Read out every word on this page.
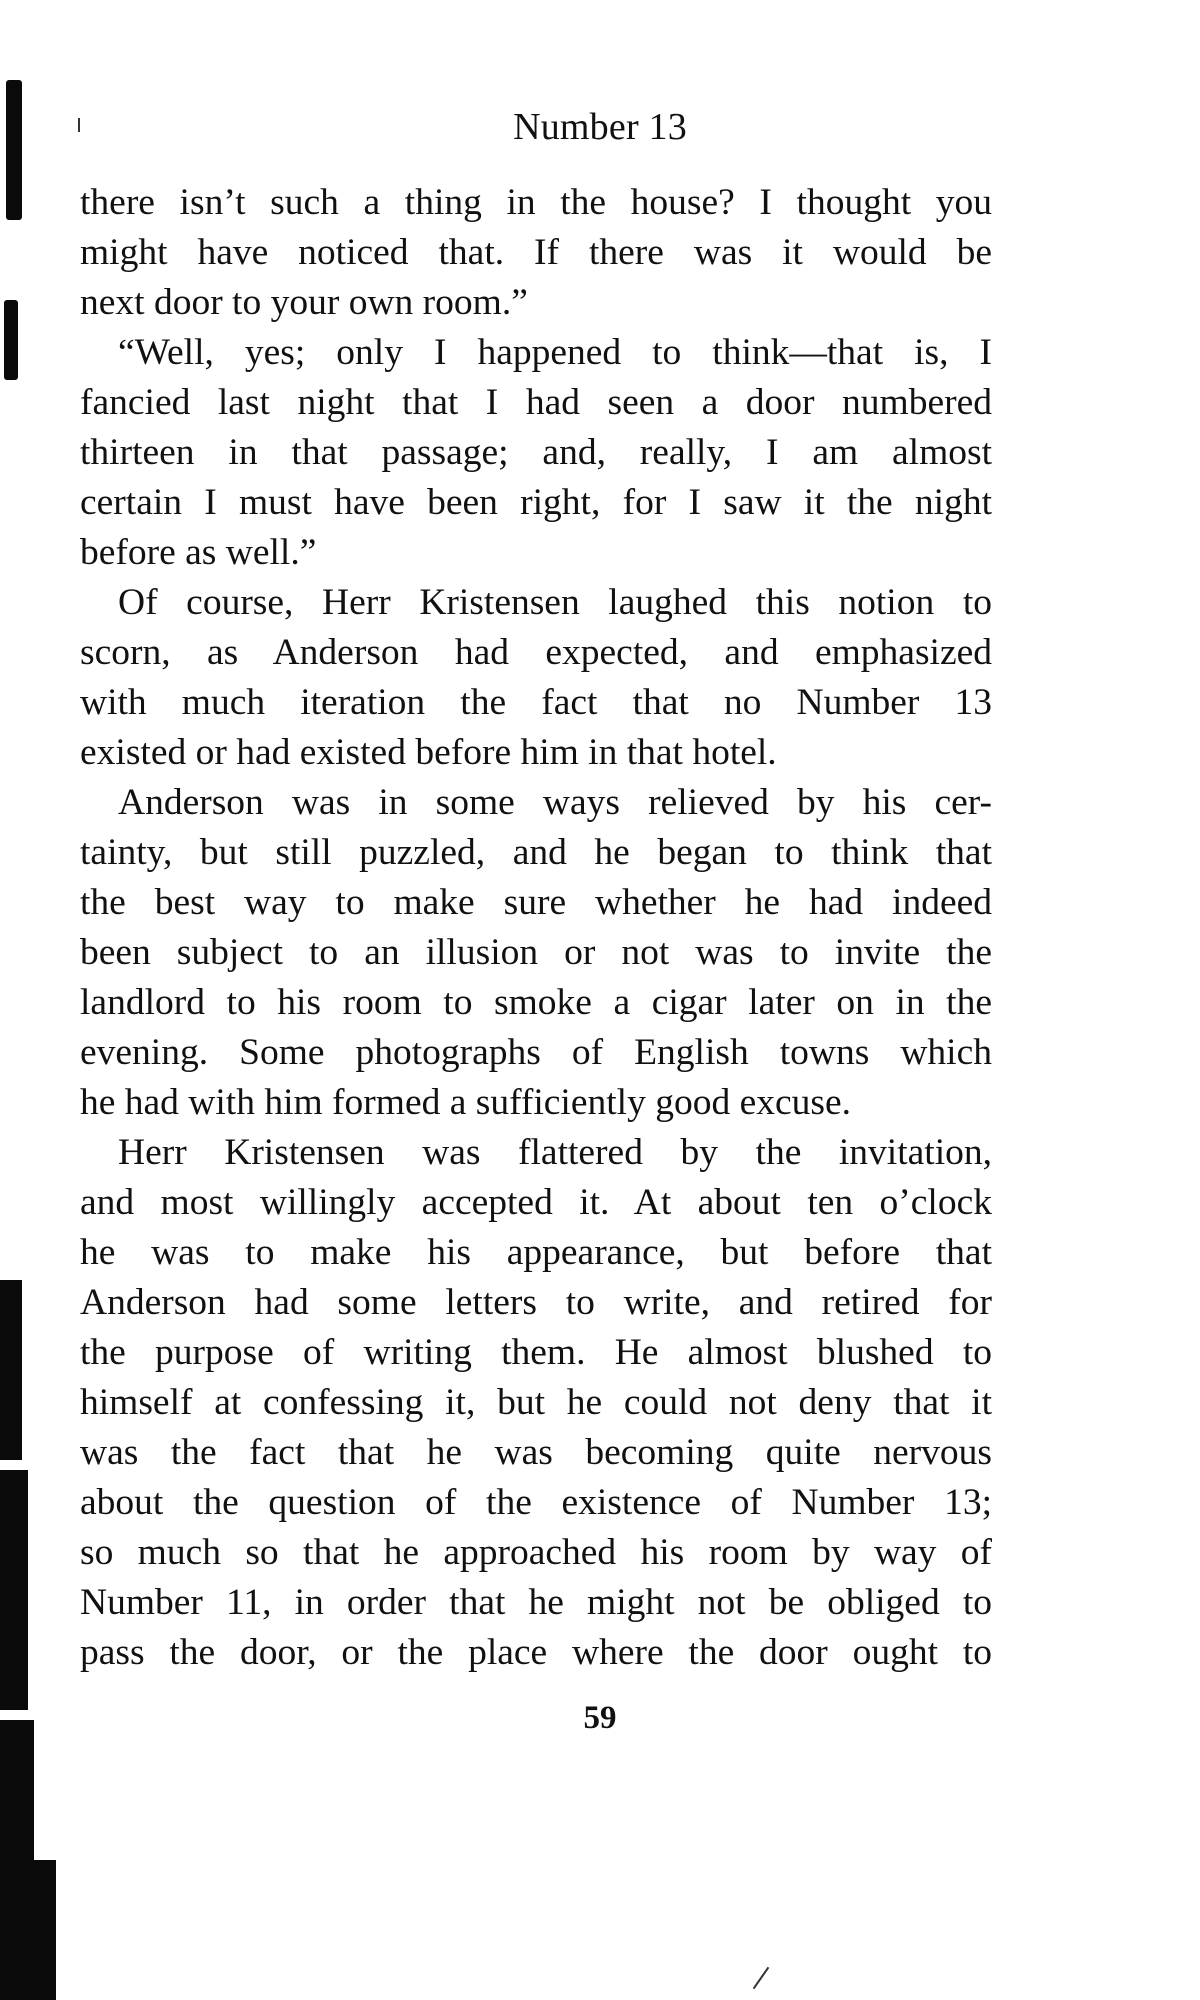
Number 13
there isn’t such a thing in the house? I thought you
might have noticed that. If there was it would be
next door to your own room.”
“Well, yes; only I happened to think—that is, I
fancied last night that I had seen a door numbered
thirteen in that passage; and, really, I am almost
certain I must have been right, for I saw it the night
before as well.”
Of course, Herr Kristensen laughed this notion to
scorn, as Anderson had expected, and emphasized
with much iteration the fact that no Number 13
existed or had existed before him in that hotel.
Anderson was in some ways relieved by his cer-
tainty, but still puzzled, and he began to think that
the best way to make sure whether he had indeed
been subject to an illusion or not was to invite the
landlord to his room to smoke a cigar later on in the
evening. Some photographs of English towns which
he had with him formed a sufficiently good excuse.
Herr Kristensen was flattered by the invitation,
and most willingly accepted it. At about ten o’clock
he was to make his appearance, but before that
Anderson had some letters to write, and retired for
the purpose of writing them. He almost blushed to
himself at confessing it, but he could not deny that it
was the fact that he was becoming quite nervous
about the question of the existence of Number 13;
so much so that he approached his room by way of
Number 11, in order that he might not be obliged to
pass the door, or the place where the door ought to
59
